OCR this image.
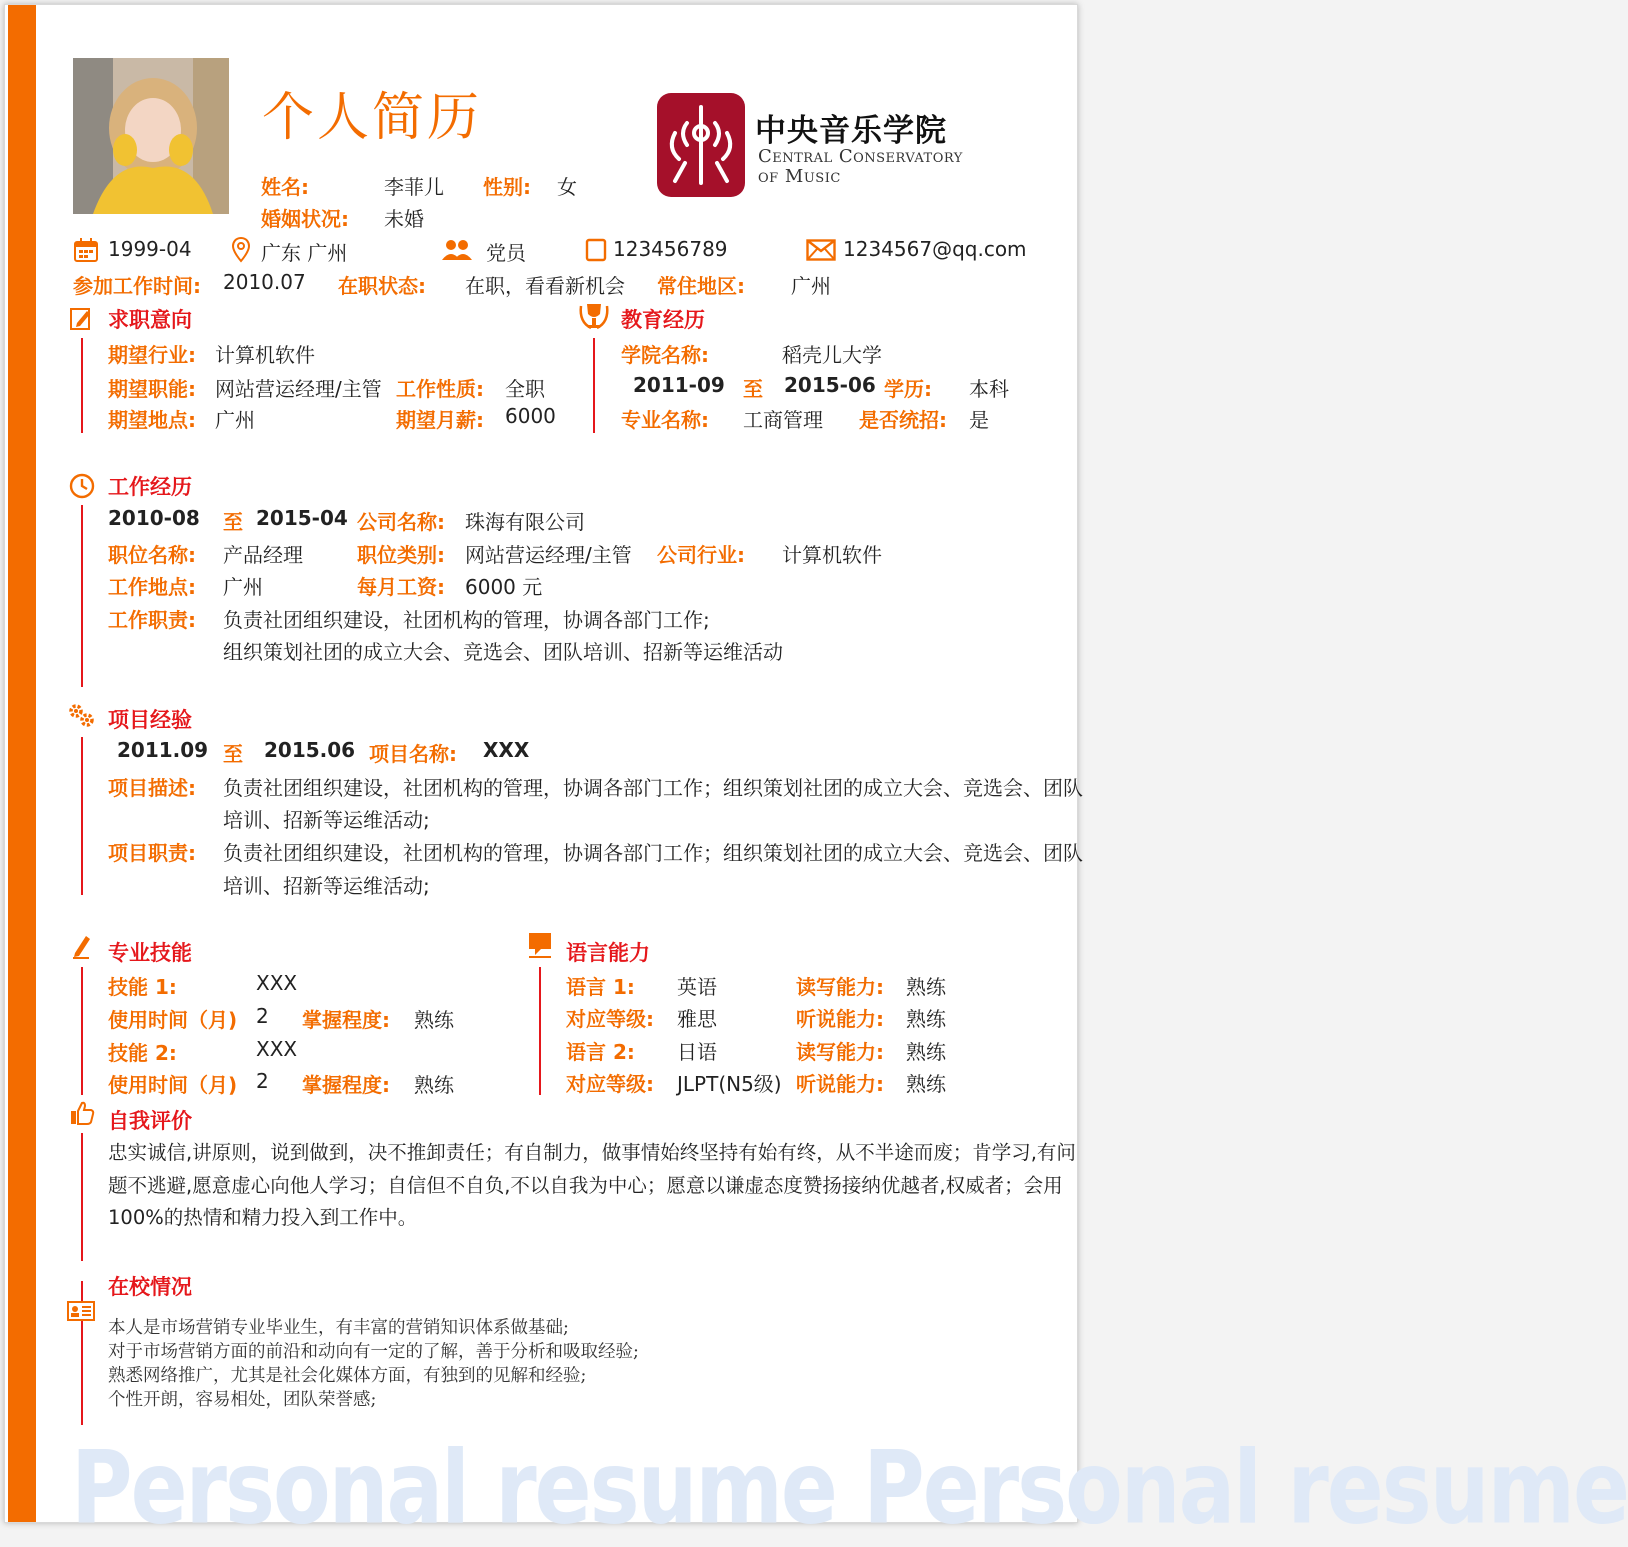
个人简历	中央音乐学院
Central Conservatory
of Music
姓名:	李菲儿 性别: 女
婚姻状况: 未婚
1999-04	广东 广州	党员	123456789	1234567@qq.com
参加工作时间: 2010.07 在职状态: 在职，看看新机会 常住地区: 广州
求职意向
期望行业: 计算机软件
期望职能: 网站营运经理/主管 工作性质: 全职
期望地点: 广州	期望月薪: 6000
教育经历
学院名称:	稻壳儿大学
2011-09 至 2015-06 学历: 本科
专业名称: 工商管理 是否统招: 是
工作经历
2010-08 至 2015-04 公司名称: 珠海有限公司
职位名称: 产品经理	职位类别: 网站营运经理/主管 公司行业: 计算机软件
工作地点: 广州	每月工资: 6000 元
工作职责: 负责社团组织建设，社团机构的管理，协调各部门工作;
组织策划社团的成立大会、竞选会、团队培训、招新等运维活动
项目经验
2011.09 至 2015.06 项目名称: XXX
项目描述: 负责社团组织建设，社团机构的管理，协调各部门工作；组织策划社团的成立大会、竞选会、团队
培训、招新等运维活动;
项目职责: 负责社团组织建设，社团机构的管理，协调各部门工作；组织策划社团的成立大会、竞选会、团队
培训、招新等运维活动;
专业技能
技能 1:	XXX
使用时间（月) 2 掌握程度: 熟练
技能 2:	XXX
使用时间（月) 2 掌握程度: 熟练
语言能力
语言 1: 英语	读写能力: 熟练
对应等级: 雅思	听说能力: 熟练
语言 2: 日语	读写能力: 熟练
对应等级: JLPT(N5级) 听说能力: 熟练
自我评价
忠实诚信,讲原则，说到做到，决不推卸责任；有自制力，做事情始终坚持有始有终，从不半途而废；肯学习,有问
题不逃避,愿意虚心向他人学习；自信但不自负,不以自我为中心；愿意以谦虚态度赞扬接纳优越者,权威者；会用
100%的热情和精力投入到工作中。
在校情况
本人是市场营销专业毕业生，有丰富的营销知识体系做基础;
对于市场营销方面的前沿和动向有一定的了解，善于分析和吸取经验;
熟悉网络推广，尤其是社会化媒体方面，有独到的见解和经验;
个性开朗，容易相处，团队荣誉感;
Personal resume Personal resume
